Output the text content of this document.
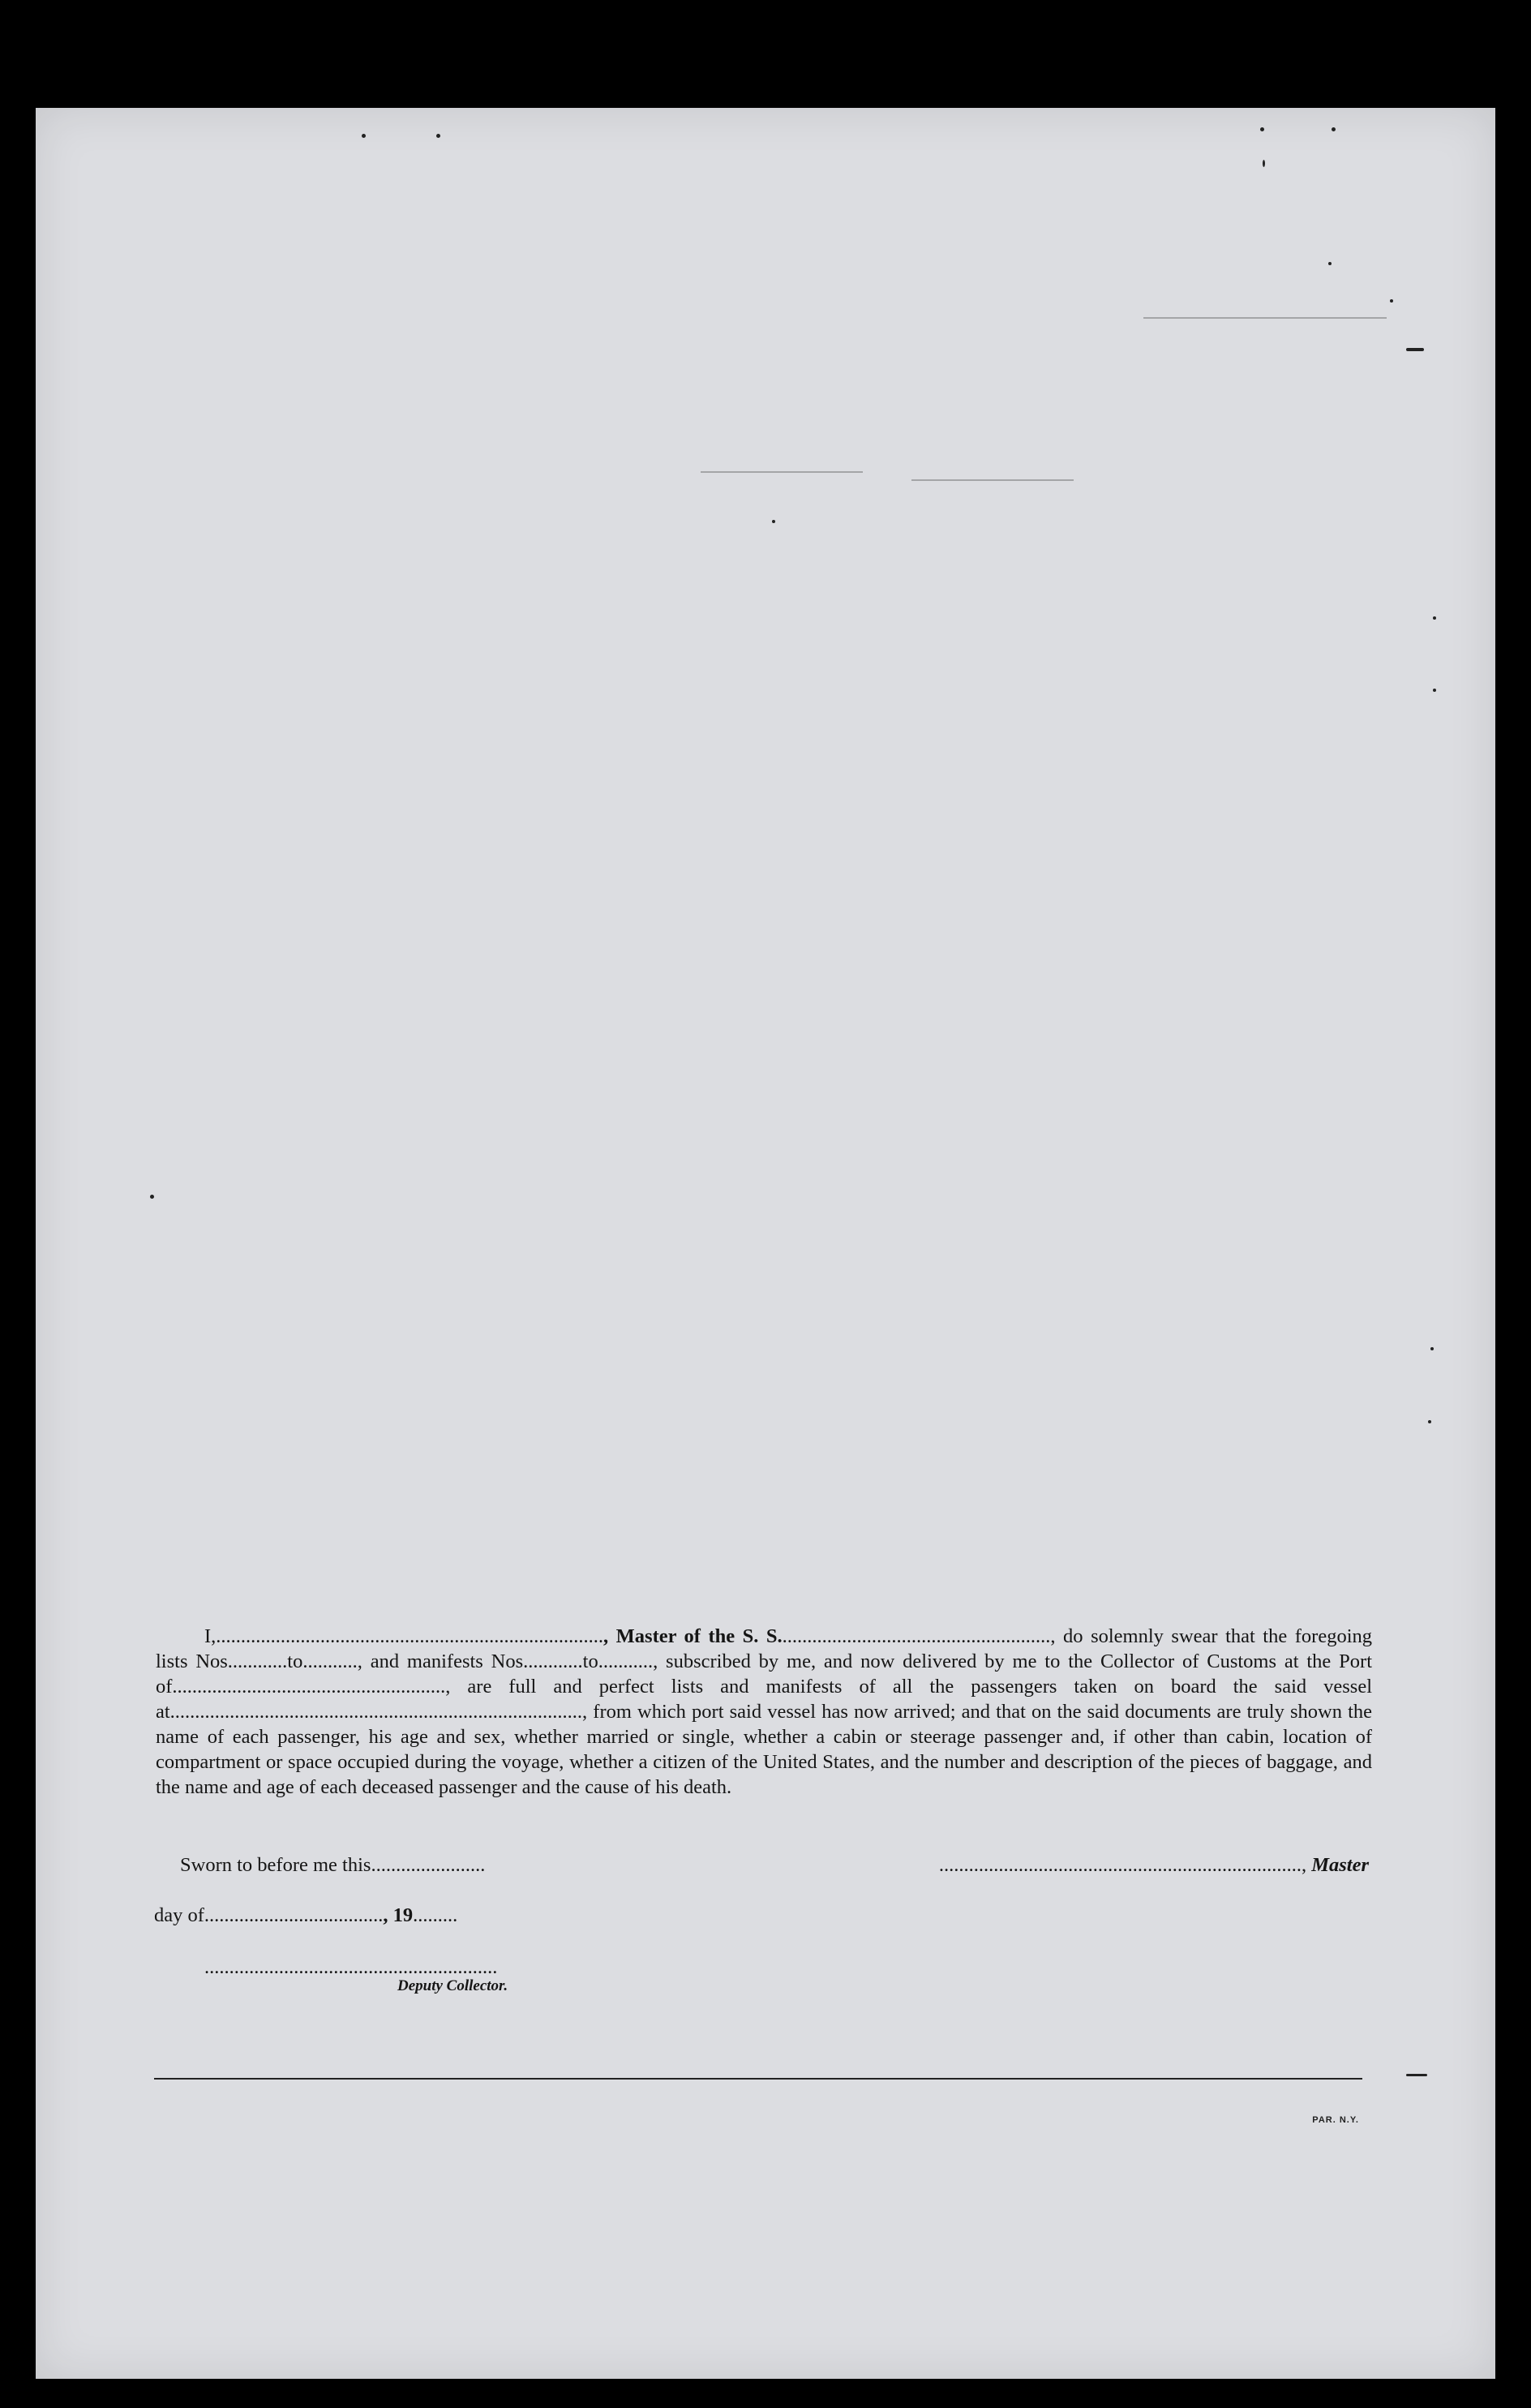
I,.............................................................................., Master of the S. S......................................................., do solemnly swear that the foregoing lists Nos............to..........., and manifests Nos............to..........., subscribed by me, and now delivered by me to the Collector of Customs at the Port of......................................................., are full and perfect lists and manifests of all the passengers taken on board the said vessel at..................................................................................., from which port said vessel has now arrived; and that on the said documents are truly shown the name of each passenger, his age and sex, whether married or single, whether a cabin or steerage passenger and, if other than cabin, location of compartment or space occupied during the voyage, whether a citizen of the United States, and the number and description of the pieces of baggage, and the name and age of each deceased passenger and the cause of his death.

Sworn to before me this.......................	........................................................................., Master
day of...................................., 19.........
...........................................................
Deputy Collector.
PAR. N.Y.
